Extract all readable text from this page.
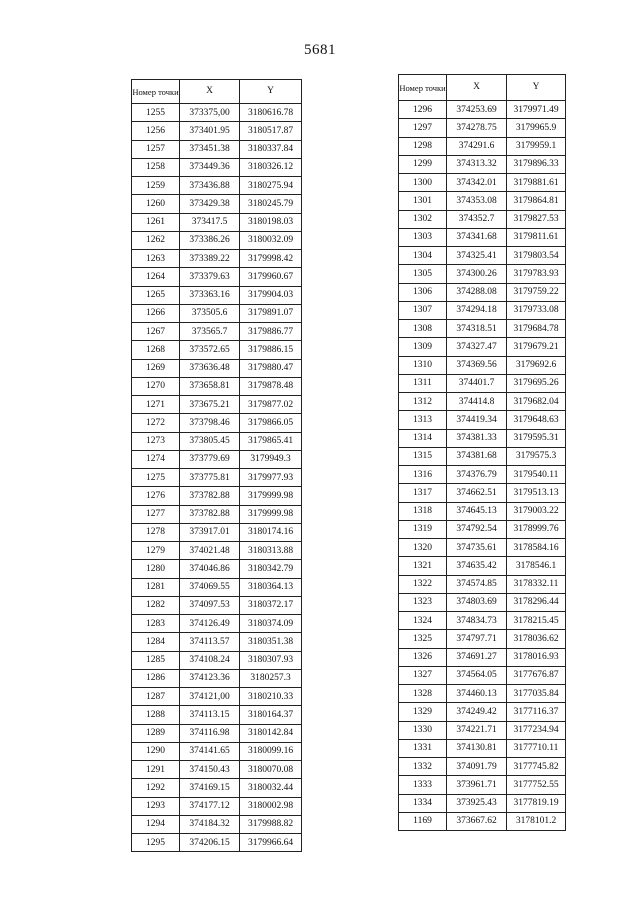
5681
Номер точки	X	Y
1255	373375,00	3180616.78
1256	373401.95	3180517.87
1257	373451.38	3180337.84
1258	373449.36	3180326.12
1259	373436.88	3180275.94
1260	373429.38	3180245.79
1261	373417.5	3180198.03
1262	373386.26	3180032.09
1263	373389.22	3179998.42
1264	373379.63	3179960.67
1265	373363.16	3179904.03
1266	373505.6	3179891.07
1267	373565.7	3179886.77
1268	373572.65	3179886.15
1269	373636.48	3179880.47
1270	373658.81	3179878.48
1271	373675.21	3179877.02
1272	373798.46	3179866.05
1273	373805.45	3179865.41
1274	373779.69	3179949.3
1275	373775.81	3179977.93
1276	373782.88	3179999.98
1277	373782.88	3179999.98
1278	373917.01	3180174.16
1279	374021.48	3180313.88
1280	374046.86	3180342.79
1281	374069.55	3180364.13
1282	374097.53	3180372.17
1283	374126.49	3180374.09
1284	374113.57	3180351.38
1285	374108.24	3180307.93
1286	374123.36	3180257.3
1287	374121,00	3180210.33
1288	374113.15	3180164.37
1289	374116.98	3180142.84
1290	374141.65	3180099.16
1291	374150.43	3180070.08
1292	374169.15	3180032.44
1293	374177.12	3180002.98
1294	374184.32	3179988.82
1295	374206.15	3179966.64
Номер точки	X	Y
1296	374253.69	3179971.49
1297	374278.75	3179965.9
1298	374291.6	3179959.1
1299	374313.32	3179896.33
1300	374342.01	3179881.61
1301	374353.08	3179864.81
1302	374352.7	3179827.53
1303	374341.68	3179811.61
1304	374325.41	3179803.54
1305	374300.26	3179783.93
1306	374288.08	3179759.22
1307	374294.18	3179733.08
1308	374318.51	3179684.78
1309	374327.47	3179679.21
1310	374369.56	3179692.6
1311	374401.7	3179695.26
1312	374414.8	3179682.04
1313	374419.34	3179648.63
1314	374381.33	3179595.31
1315	374381.68	3179575.3
1316	374376.79	3179540.11
1317	374662.51	3179513.13
1318	374645.13	3179003.22
1319	374792.54	3178999.76
1320	374735.61	3178584.16
1321	374635.42	3178546.1
1322	374574.85	3178332.11
1323	374803.69	3178296.44
1324	374834.73	3178215.45
1325	374797.71	3178036.62
1326	374691.27	3178016.93
1327	374564.05	3177676.87
1328	374460.13	3177035.84
1329	374249.42	3177116.37
1330	374221.71	3177234.94
1331	374130.81	3177710.11
1332	374091.79	3177745.82
1333	373961.71	3177752.55
1334	373925.43	3177819.19
1169	373667.62	3178101.2
